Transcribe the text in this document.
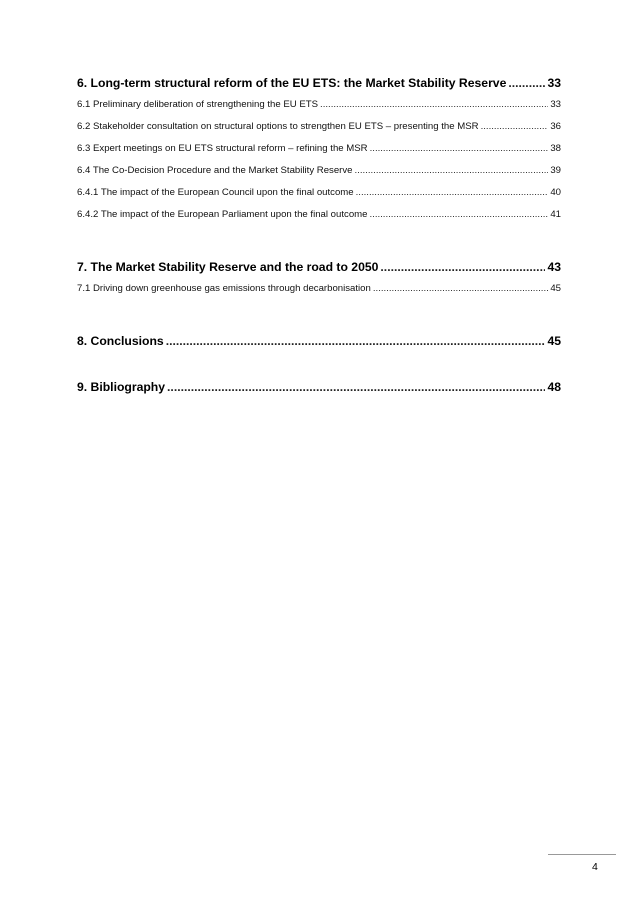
6. Long-term structural reform of the EU ETS: the Market Stability Reserve .....	33
6.1 Preliminary deliberation of strengthening the EU ETS .....	33
6.2 Stakeholder consultation on structural options to strengthen EU ETS – presenting the MSR .....	36
6.3 Expert meetings on EU ETS structural reform – refining the MSR .....	38
6.4 The Co-Decision Procedure and the Market Stability Reserve .....	39
6.4.1 The impact of the European Council upon the final outcome .....	40
6.4.2 The impact of the European Parliament upon the final outcome .....	41
7. The Market Stability Reserve and the road to 2050 .....	43
7.1 Driving down greenhouse gas emissions through decarbonisation .....	45
8. Conclusions .....	45
9. Bibliography .....	48
4
